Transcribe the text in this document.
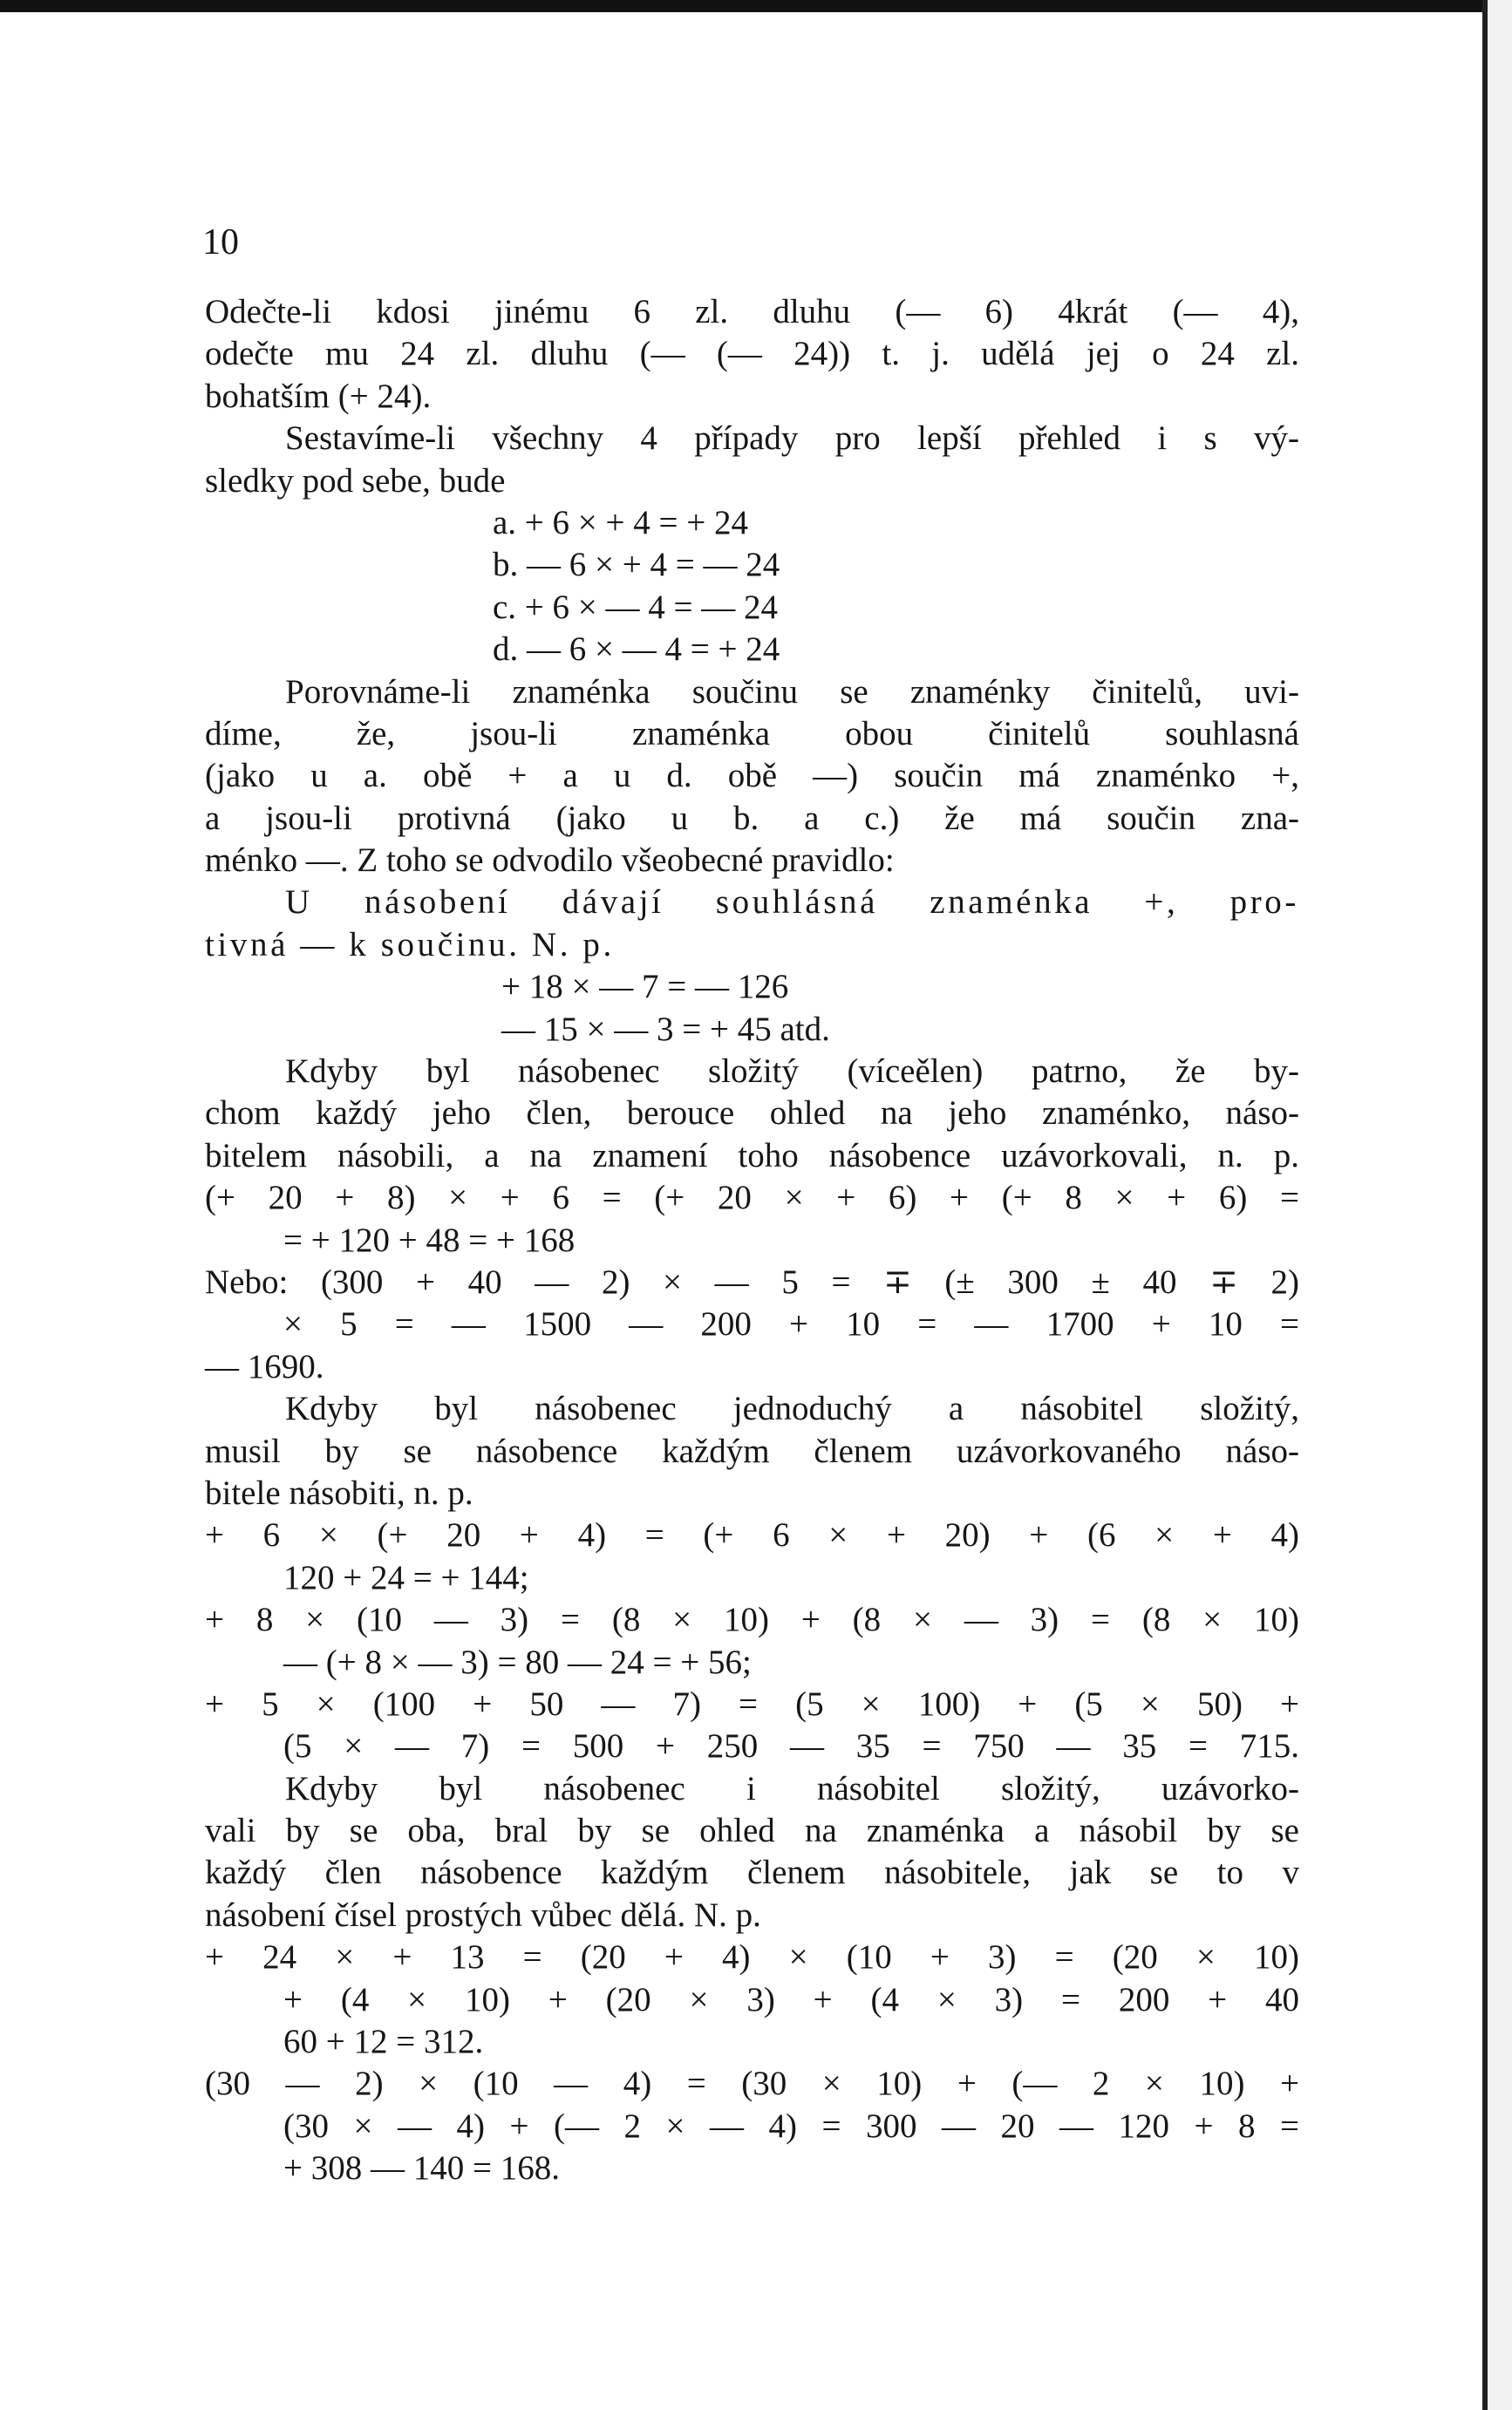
10
Odečte-li kdosi jinému 6 zl. dluhu (— 6) 4krát (— 4),
odečte mu 24 zl. dluhu (— (— 24)) t. j. udělá jej o 24 zl.
bohatším (+ 24).
Sestavíme-li všechny 4 případy pro lepší přehled i s vý-
sledky pod sebe, bude
a. + 6 × + 4 = + 24
b. — 6 × + 4 = — 24
c. + 6 × — 4 = — 24
d. — 6 × — 4 = + 24
Porovnáme-li znaménka součinu se znaménky činitelů, uvi-
díme, že, jsou-li znaménka obou činitelů souhlasná
(jako u a. obě + a u d. obě —) součin má znaménko +,
a jsou-li protivná (jako u b. a c.) že má součin zna-
ménko —. Z toho se odvodilo všeobecné pravidlo:
U násobení dávají souhlásná znaménka +, pro-
tivná — k součinu. N. p.
+ 18 × — 7 = — 126
— 15 × — 3 = + 45 atd.
Kdyby byl násobenec složitý (víceělen) patrno, že by-
chom každý jeho člen, berouce ohled na jeho znaménko, náso-
bitelem násobili, a na znamení toho násobence uzávorkovali, n. p.
(+ 20 + 8) × + 6 = (+ 20 × + 6) + (+ 8 × + 6) =
= + 120 + 48 = + 168
Nebo: (300 + 40 — 2) × — 5 = ∓ (± 300 ± 40 ∓ 2)
× 5 = — 1500 — 200 + 10 = — 1700 + 10 =
— 1690.
Kdyby byl násobenec jednoduchý a násobitel složitý,
musil by se násobence každým členem uzávorkovaného náso-
bitele násobiti, n. p.
+ 6 × (+ 20 + 4) = (+ 6 × + 20) + (6 × + 4)
120 + 24 = + 144;
+ 8 × (10 — 3) = (8 × 10) + (8 × — 3) = (8 × 10)
— (+ 8 × — 3) = 80 — 24 = + 56;
+ 5 × (100 + 50 — 7) = (5 × 100) + (5 × 50) +
(5 × — 7) = 500 + 250 — 35 = 750 — 35 = 715.
Kdyby byl násobenec i násobitel složitý, uzávorko-
vali by se oba, bral by se ohled na znaménka a násobil by se
každý člen násobence každým členem násobitele, jak se to v
násobení čísel prostých vůbec dělá. N. p.
+ 24 × + 13 = (20 + 4) × (10 + 3) = (20 × 10)
+ (4 × 10) + (20 × 3) + (4 × 3) = 200 + 40
60 + 12 = 312.
(30 — 2) × (10 — 4) = (30 × 10) + (— 2 × 10) +
(30 × — 4) + (— 2 × — 4) = 300 — 20 — 120 + 8 =
+ 308 — 140 = 168.
